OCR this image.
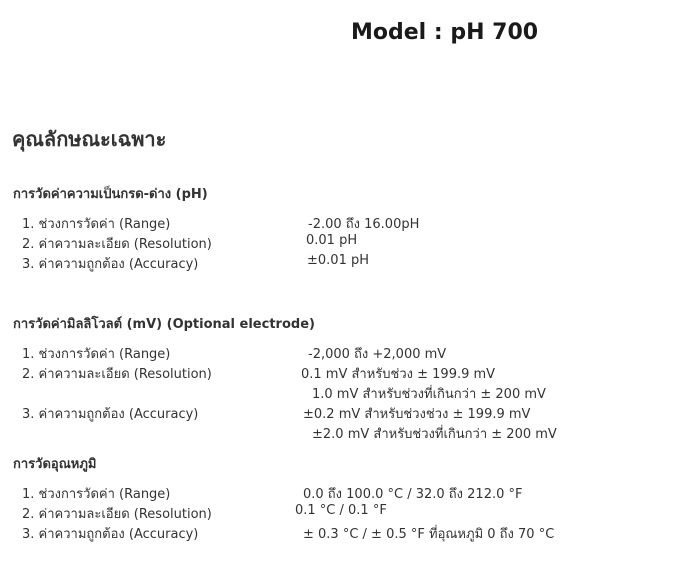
Model : pH 700
คุณลักษณะเฉพาะ
การวัดค่าความเป็นกรด-ด่าง (pH)
1. ช่วงการวัดค่า (Range)	-2.00 ถึง 16.00pH
2. ค่าความละเอียด (Resolution)	0.01 pH
3. ค่าความถูกต้อง (Accuracy)	±0.01 pH
การวัดค่ามิลลิโวลต์ (mV) (Optional electrode)
1. ช่วงการวัดค่า (Range)	-2,000 ถึง +2,000 mV
2. ค่าความละเอียด (Resolution)	0.1 mV สำหรับช่วง ± 199.9 mV
1.0 mV สำหรับช่วงที่เกินกว่า ± 200 mV
3. ค่าความถูกต้อง (Accuracy)	±0.2 mV สำหรับช่วงช่วง ± 199.9 mV
±2.0 mV สำหรับช่วงที่เกินกว่า ± 200 mV
การวัดอุณหภูมิ
1. ช่วงการวัดค่า (Range)	0.0 ถึง 100.0 °C / 32.0 ถึง 212.0 °F
2. ค่าความละเอียด (Resolution)	0.1 °C / 0.1 °F
3. ค่าความถูกต้อง (Accuracy)	± 0.3 °C / ± 0.5 °F ที่อุณหภูมิ 0 ถึง 70 °C
